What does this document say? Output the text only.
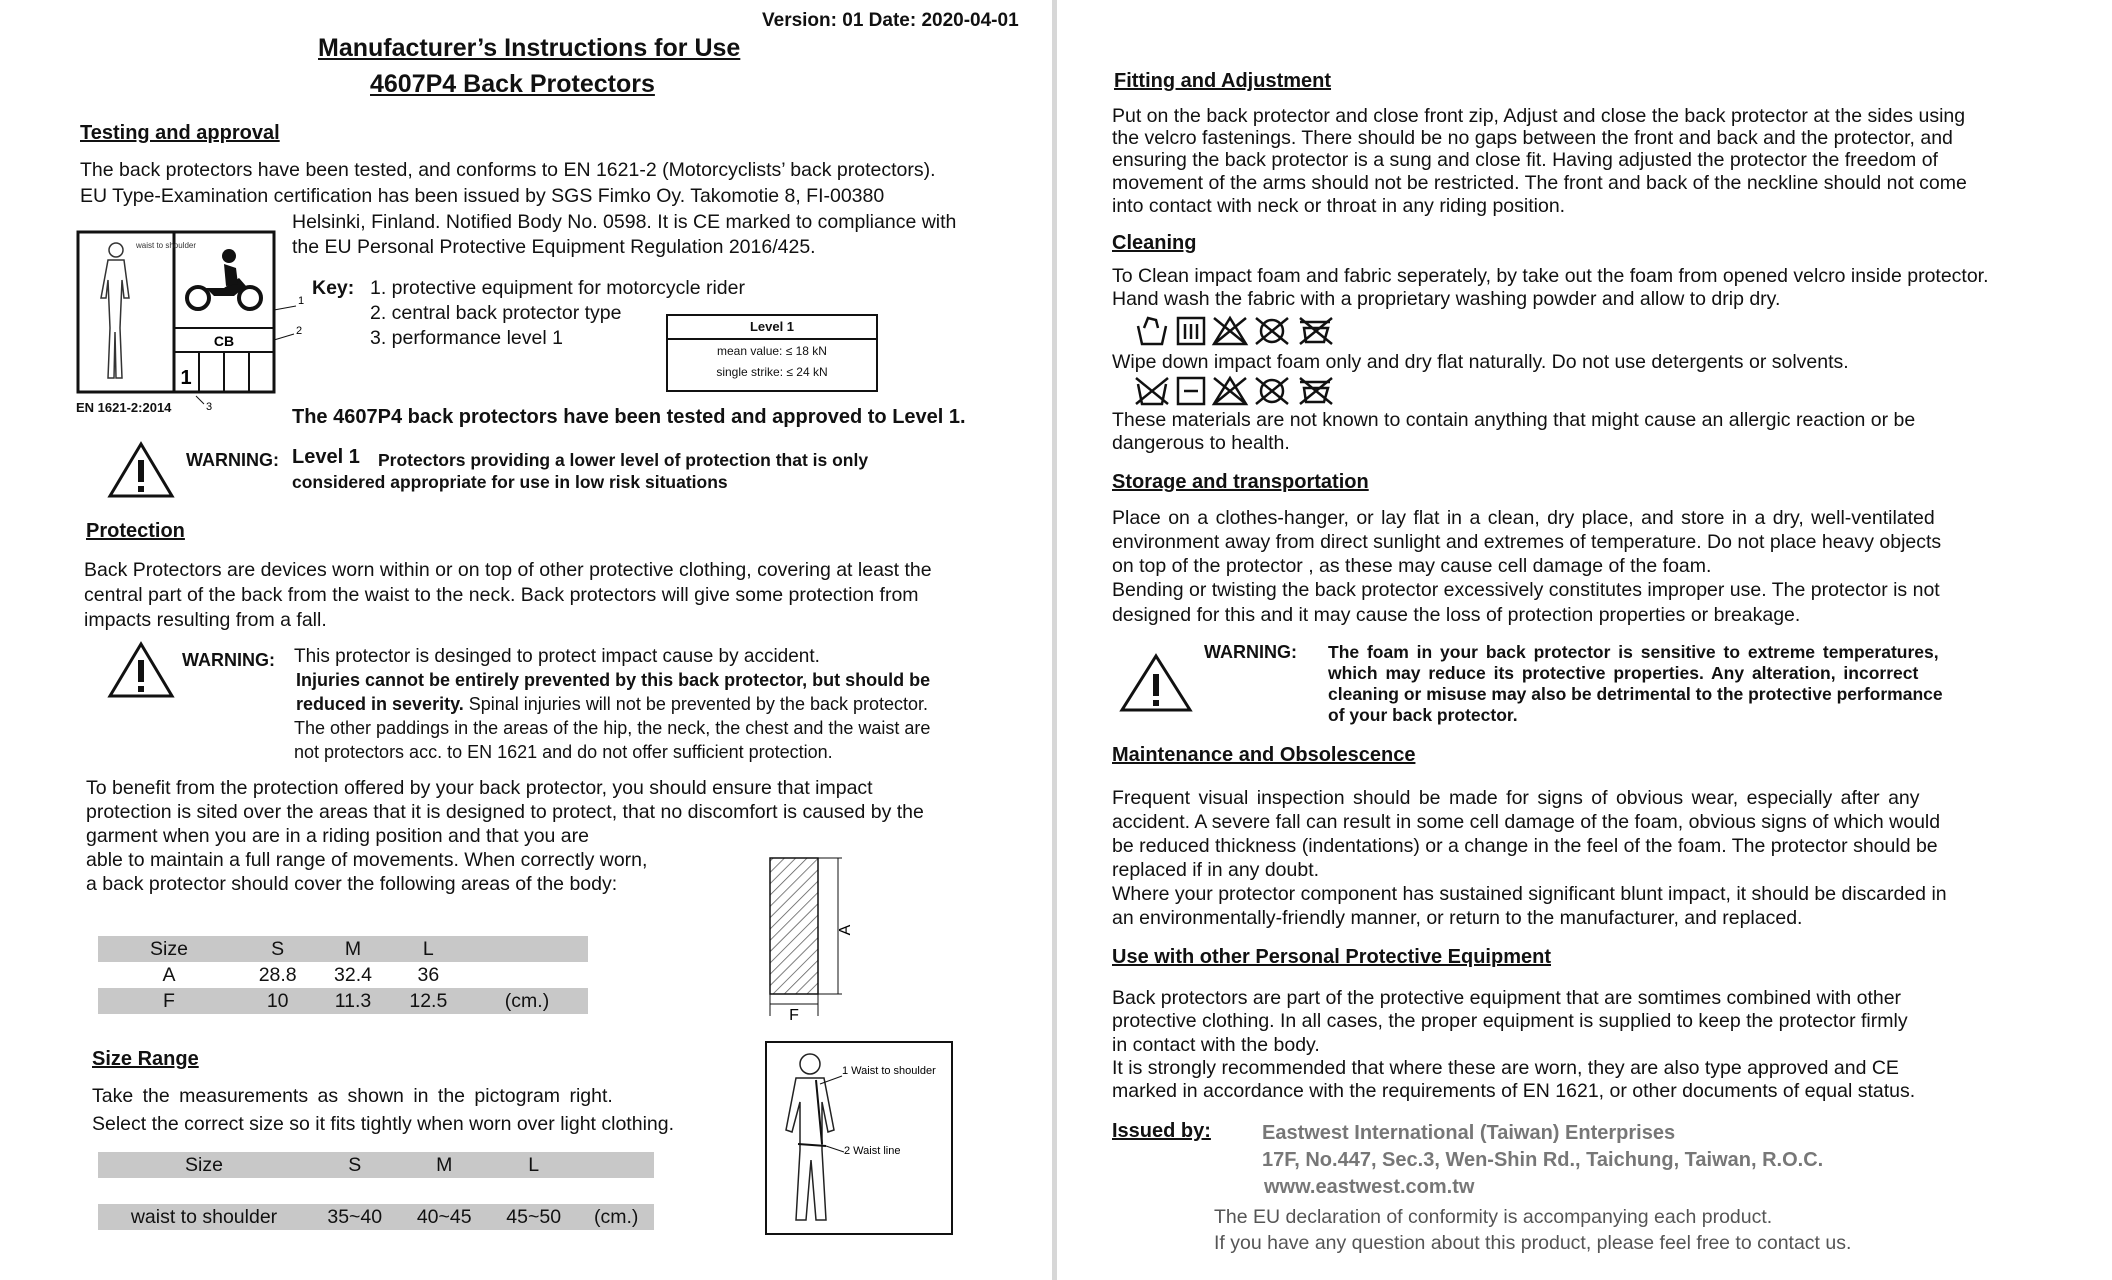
Version: 01 Date: 2020-04-01
Manufacturer’s Instructions for Use
4607P4 Back Protectors
Testing and approval
The back protectors have been tested, and conforms to EN 1621-2 (Motorcyclists’ back protectors).
EU Type-Examination certification has been issued by SGS Fimko Oy. Takomotie 8, FI-00380
Helsinki, Finland. Notified Body No. 0598. It is CE marked to compliance with
the EU Personal Protective Equipment Regulation 2016/425.
waist to shoulder
CB
1
1
2
3
EN 1621-2:2014
Key: 1. protective equipment for motorcycle rider
2. central back protector type
3. performance level 1
Level 1
mean value: ≤ 18 kN
single strike: ≤ 24 kN
The 4607P4 back protectors have been tested and approved to Level 1.
WARNING: Level 1 Protectors providing a lower level of protection that is only
considered appropriate for use in low risk situations
Protection
Back Protectors are devices worn within or on top of other protective clothing, covering at least the
central part of the back from the waist to the neck. Back protectors will give some protection from
impacts resulting from a fall.
WARNING: This protector is desinged to protect impact cause by accident.
Injuries cannot be entirely prevented by this back protector, but should be
reduced in severity. Spinal injuries will not be prevented by the back protector.
The other paddings in the areas of the hip, the neck, the chest and the waist are
not protectors acc. to EN 1621 and do not offer sufficient protection.
To benefit from the protection offered by your back protector, you should ensure that impact
protection is sited over the areas that it is designed to protect, that no discomfort is caused by the
garment when you are in a riding position and that you are
able to maintain a full range of movements. When correctly worn,
a back protector should cover the following areas of the body:
A
F
Size	S	M	L	
A	28.8	32.4	36	
F	10	11.3	12.5	(cm.)
Size Range
Take the measurements as shown in the pictogram right.
Select the correct size so it fits tightly when worn over light clothing.
Size	S	M	L	

waist to shoulder	35~40	40~45	45~50	(cm.)
1 Waist to shoulder
2 Waist line
Fitting and Adjustment
Put on the back protector and close front zip, Adjust and close the back protector at the sides using
the velcro fastenings. There should be no gaps between the front and back and the protector, and
ensuring the back protector is a sung and close fit. Having adjusted the protector the freedom of
movement of the arms should not be restricted. The front and back of the neckline should not come
into contact with neck or throat in any riding position.
Cleaning
To Clean impact foam and fabric seperately, by take out the foam from opened velcro inside protector.
Hand wash the fabric with a proprietary washing powder and allow to drip dry.
Wipe down impact foam only and dry flat naturally. Do not use detergents or solvents.
These materials are not known to contain anything that might cause an allergic reaction or be
dangerous to health.
Storage and transportation
Place on a clothes-hanger, or lay flat in a clean, dry place, and store in a dry, well-ventilated
environment away from direct sunlight and extremes of temperature. Do not place heavy objects
on top of the protector , as these may cause cell damage of the foam.
Bending or twisting the back protector excessively constitutes improper use. The protector is not
designed for this and it may cause the loss of protection properties or breakage.
WARNING: The foam in your back protector is sensitive to extreme temperatures,
which may reduce its protective properties. Any alteration, incorrect
cleaning or misuse may also be detrimental to the protective performance
of your back protector.
Maintenance and Obsolescence
Frequent visual inspection should be made for signs of obvious wear, especially after any
accident. A severe fall can result in some cell damage of the foam, obvious signs of which would
be reduced thickness (indentations) or a change in the feel of the foam. The protector should be
replaced if in any doubt.
Where your protector component has sustained significant blunt impact, it should be discarded in
an environmentally-friendly manner, or return to the manufacturer, and replaced.
Use with other Personal Protective Equipment
Back protectors are part of the protective equipment that are somtimes combined with other
protective clothing. In all cases, the proper equipment is supplied to keep the protector firmly
in contact with the body.
It is strongly recommended that where these are worn, they are also type approved and CE
marked in accordance with the requirements of EN 1621, or other documents of equal status.
Issued by:	Eastwest International (Taiwan) Enterprises
17F, No.447, Sec.3, Wen-Shin Rd., Taichung, Taiwan, R.O.C.
www.eastwest.com.tw
The EU declaration of conformity is accompanying each product.
If you have any question about this product, please feel free to contact us.
